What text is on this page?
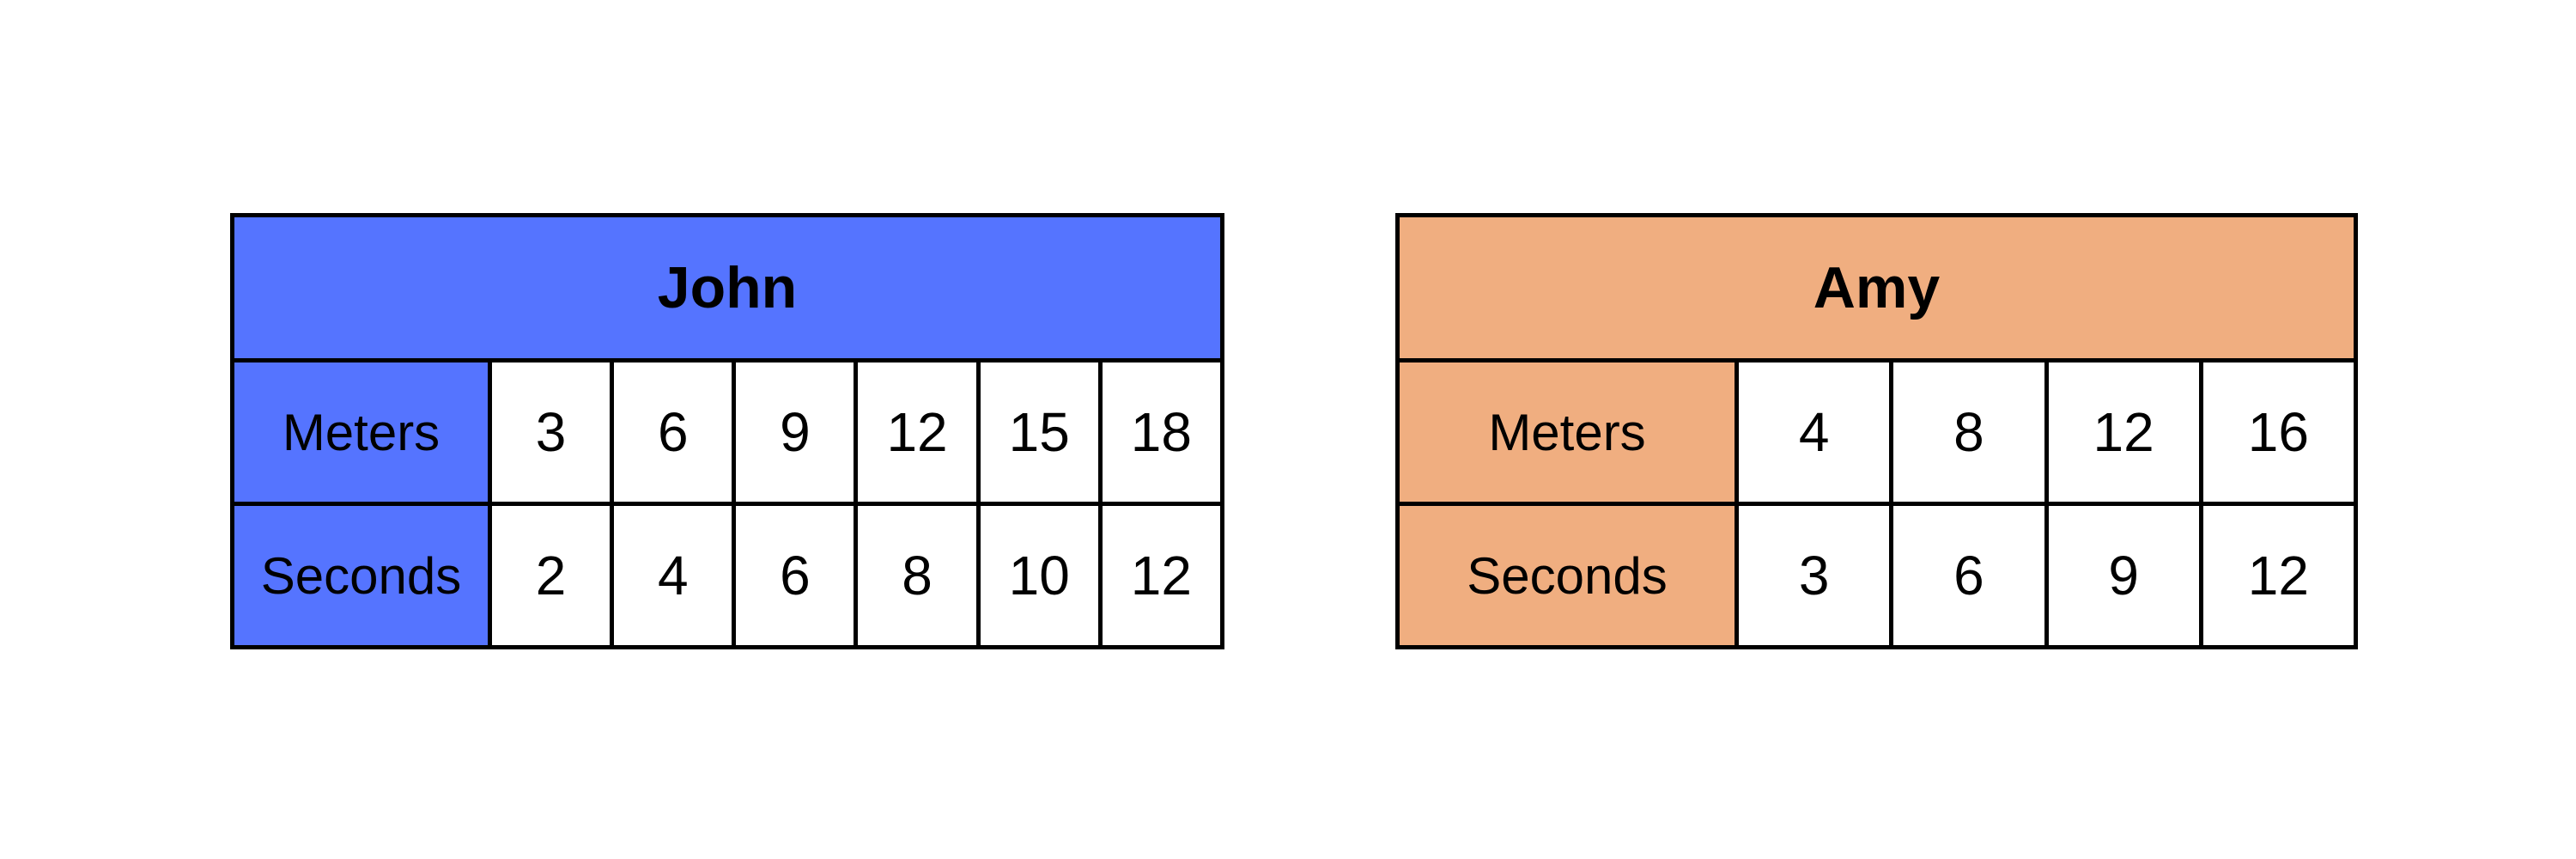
John						
Meters	3	6	9	12	15	18
Seconds	2	4	6	8	10	12
Amy				
Meters	4	8	12	16
Seconds	3	6	9	12
